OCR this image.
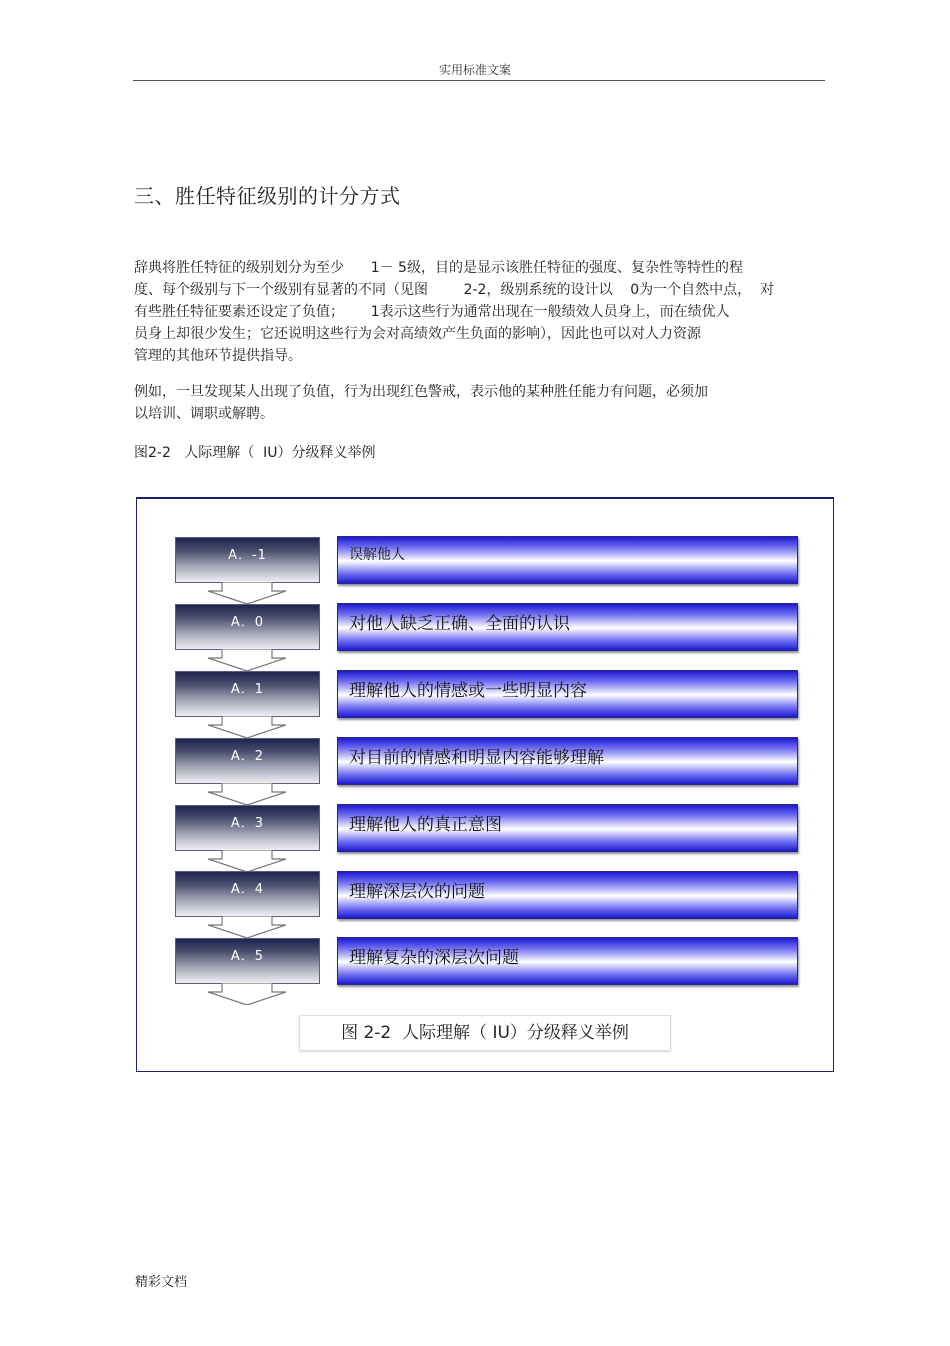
实用标准文案
三、胜任特征级别的计分方式
辞典将胜任特征的级别划分为至少      1－ 5级，目的是显示该胜任特征的强度、复杂性等特性的程
度、每个级别与下一个级别有显著的不同（见图        2-2，级别系统的设计以    0为一个自然中点，  对
有些胜任特征要素还设定了负值；      1表示这些行为通常出现在一般绩效人员身上，而在绩优人
员身上却很少发生；它还说明这些行为会对高绩效产生负面的影响），因此也可以对人力资源
管理的其他环节提供指导。
例如，一旦发现某人出现了负值，行为出现红色警戒，表示他的某种胜任能力有问题，必须加
以培训、调职或解聘。
图2-2   人际理解（  IU）分级释义举例
A．-1	误解他人
A．0	对他人缺乏正确、全面的认识
A．1	理解他人的情感或一些明显内容
A．2	对目前的情感和明显内容能够理解
A．3	理解他人的真正意图
A．4	理解深层次的问题
A．5	理解复杂的深层次问题
图 2-2  人际理解（ IU）分级释义举例
精彩文档
